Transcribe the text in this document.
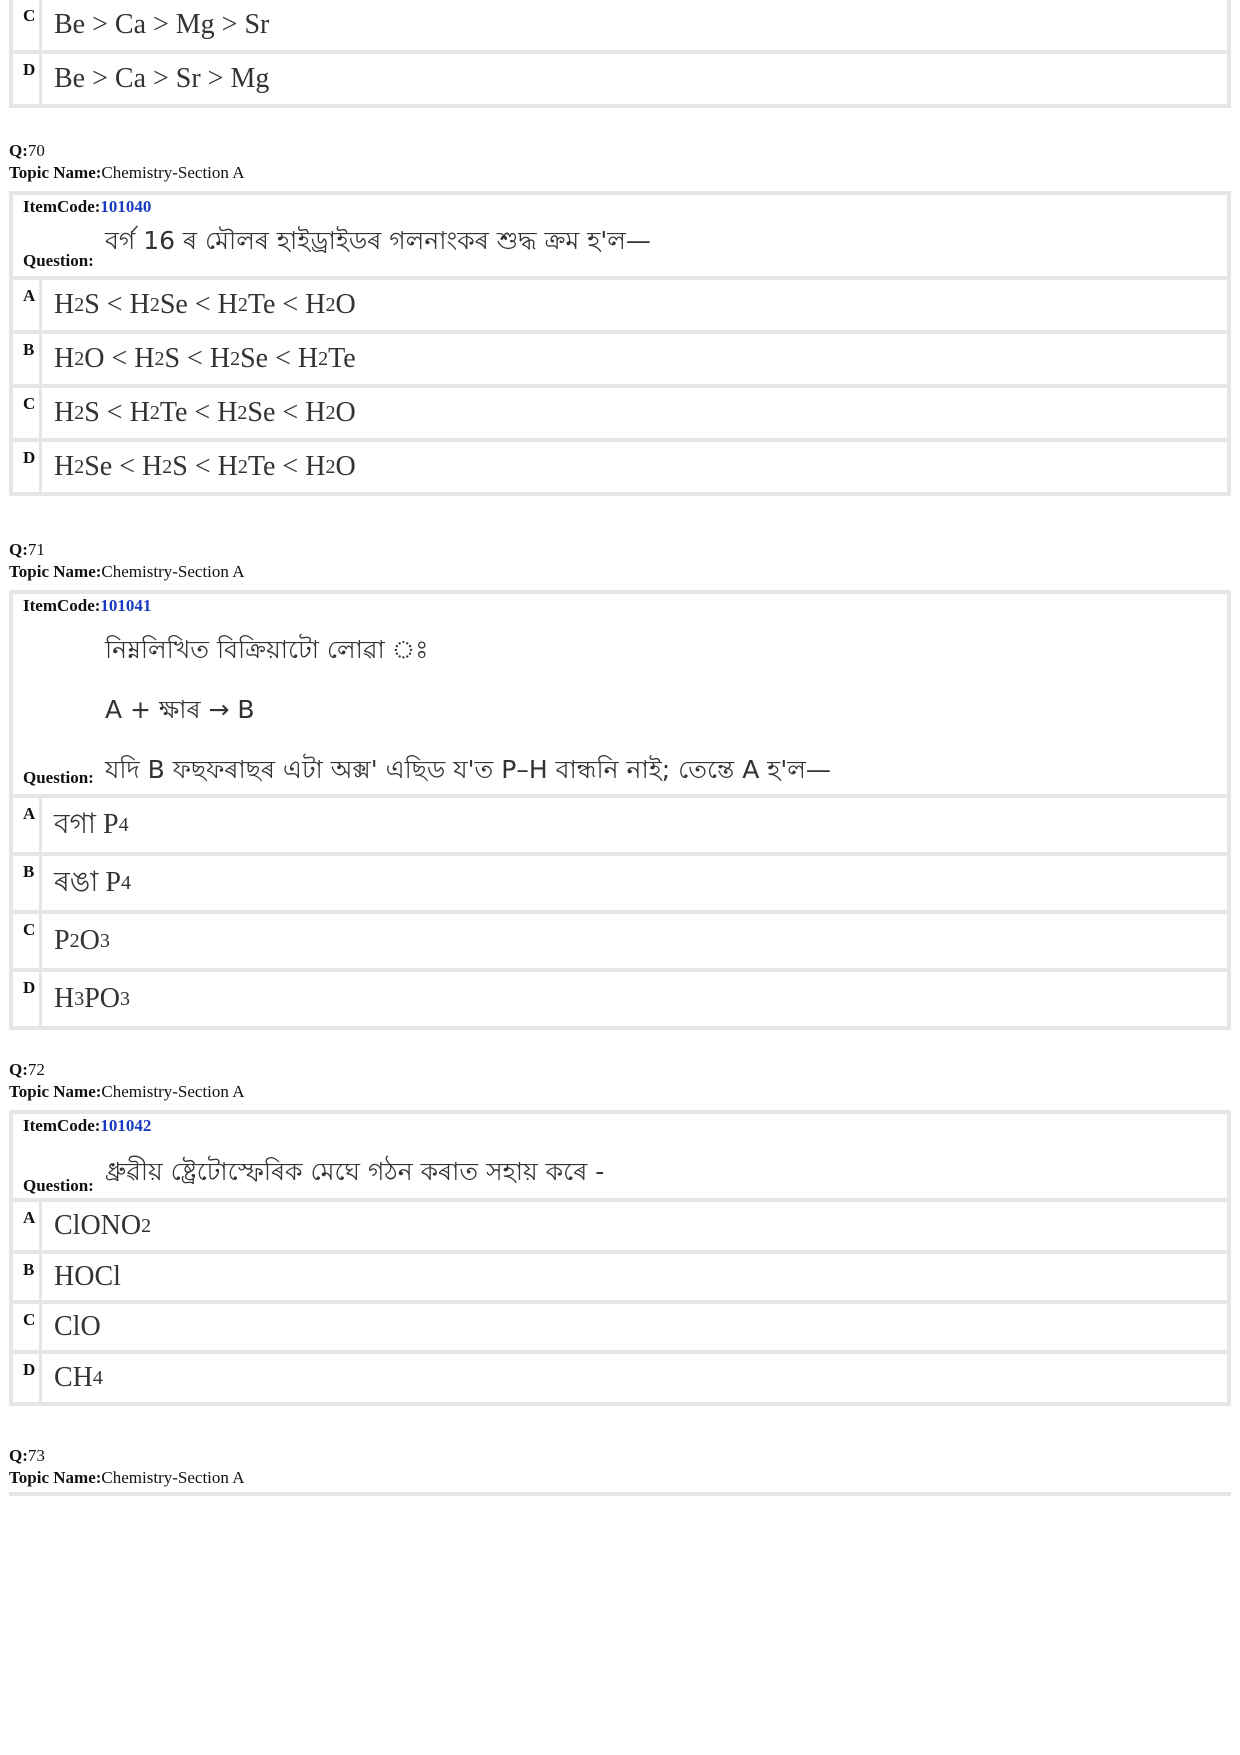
C Be > Ca > Mg > Sr
D Be > Ca > Sr > Mg
Q:70
Topic Name:Chemistry-Section A
ItemCode:101040
বৰ্গ 16 ৰ মৌলৰ হাইড্ৰাইডৰ গলনাংকৰ শুদ্ধ ক্ৰম হ'ল—
Question:
A H 2 S < H 2 Se < H 2 Te < H 2 O
B H 2 O < H 2 S < H 2 Se < H 2 Te
C H 2 S < H 2 Te < H 2 Se < H 2 O
D H 2 Se < H 2 S < H 2 Te < H 2 O
Q:71
Topic Name:Chemistry-Section A
ItemCode:101041
নিম্নলিখিত বিক্ৰিয়াটো লোৱা ঃ
A + ক্ষাৰ → B
যদি B ফছফৰাছৰ এটা অক্স' এছিড য'ত P–H বান্ধনি নাই; তেন্তে A হ'ল—
Question:
A বগা P 4
B ৰঙা P 4
C P 2 O 3
D H 3 PO 3
Q:72
Topic Name:Chemistry-Section A
ItemCode:101042
ধ্ৰুৱীয় ষ্ট্ৰেটোস্ফেৰিক মেঘে গঠন কৰাত সহায় কৰে -
Question:
A ClONO 2
B HOCl
C ClO
D CH 4
Q:73
Topic Name:Chemistry-Section A
